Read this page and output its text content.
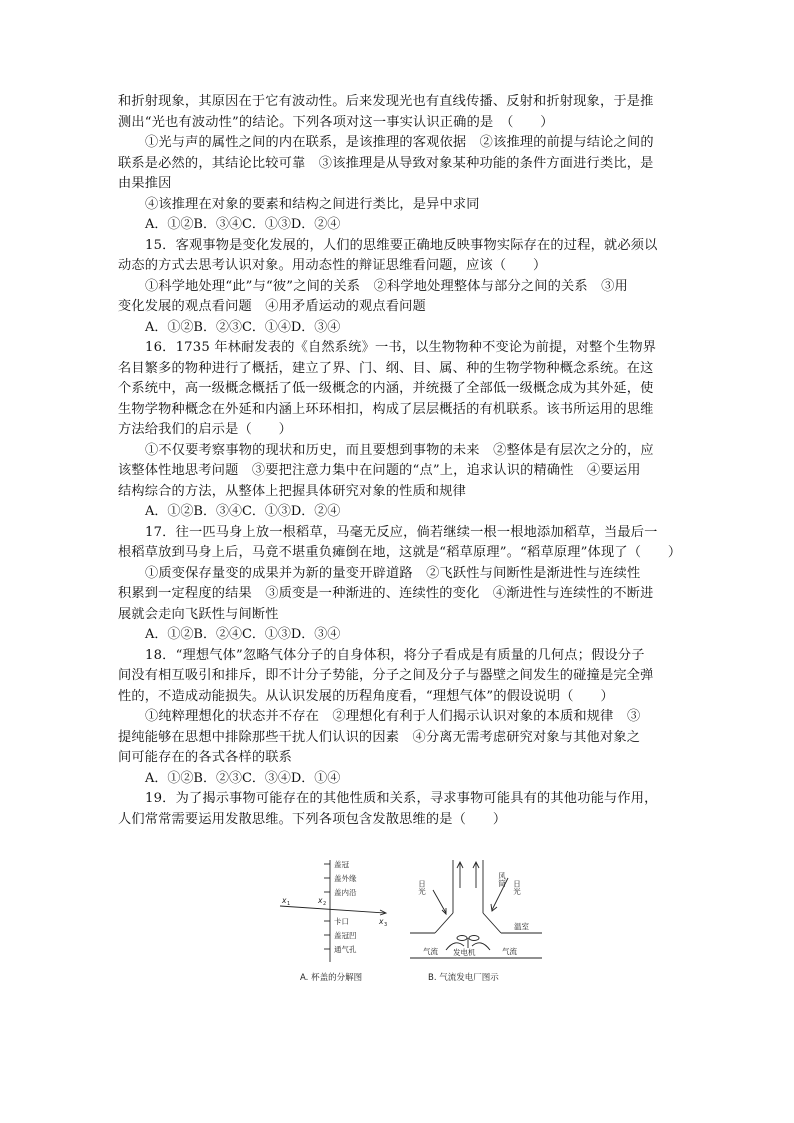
和折射现象，其原因在于它有波动性。后来发现光也有直线传播、反射和折射现象，于是推
测出“光也有波动性”的结论。下列各项对这一事实认识正确的是　（　　）
①光与声的属性之间的内在联系，是该推理的客观依据　②该推理的前提与结论之间的
联系是必然的，其结论比较可靠　③该推理是从导致对象某种功能的条件方面进行类比，是
由果推因
④该推理在对象的要素和结构之间进行类比，是异中求同
A．①②B．③④C．①③D．②④
15．客观事物是变化发展的，人们的思维要正确地反映事物实际存在的过程，就必须以
动态的方式去思考认识对象。用动态性的辩证思维看问题，应该（　　）
①科学地处理“此”与“彼”之间的关系　②科学地处理整体与部分之间的关系　③用
变化发展的观点看问题　④用矛盾运动的观点看问题
A．①②B．②③C．①④D．③④
16．1735 年林耐发表的《自然系统》一书，以生物物种不变论为前提，对整个生物界
名目繁多的物种进行了概括，建立了界、门、纲、目、属、种的生物学物种概念系统。在这
个系统中，高一级概念概括了低一级概念的内涵，并统摄了全部低一级概念成为其外延，使
生物学物种概念在外延和内涵上环环相扣，构成了层层概括的有机联系。该书所运用的思维
方法给我们的启示是（　　）
①不仅要考察事物的现状和历史，而且要想到事物的未来　②整体是有层次之分的，应
该整体性地思考问题　③要把注意力集中在问题的“点”上，追求认识的精确性　④要运用
结构综合的方法，从整体上把握具体研究对象的性质和规律
A．①②B．③④C．①③D．②④
17．往一匹马身上放一根稻草，马毫无反应，倘若继续一根一根地添加稻草，当最后一
根稻草放到马身上后，马竟不堪重负瘫倒在地，这就是“稻草原理”。“稻草原理”体现了（　　）
①质变保存量变的成果并为新的量变开辟道路　②飞跃性与间断性是渐进性与连续性
积累到一定程度的结果　③质变是一种渐进的、连续性的变化　④渐进性与连续性的不断进
展就会走向飞跃性与间断性
A．①②B．②④C．①③D．③④
18．“理想气体”忽略气体分子的自身体积，将分子看成是有质量的几何点；假设分子
间没有相互吸引和排斥，即不计分子势能，分子之间及分子与器壁之间发生的碰撞是完全弹
性的，不造成动能损失。从认识发展的历程角度看，“理想气体”的假设说明（　　）
①纯粹理想化的状态并不存在　②理想化有利于人们揭示认识对象的本质和规律　③
提纯能够在思想中排除那些干扰人们认识的因素　④分离无需考虑研究对象与其他对象之
间可能存在的各式各样的联系
A．①②B．②③C．③④D．①④
19．为了揭示事物可能存在的其他性质和关系，寻求事物可能具有的其他功能与作用，
人们常常需要运用发散思维。下列各项包含发散思维的是（　　）
盖冠
盖外缘
盖内沿
卡口
盖冠凹
通气孔
x 1	x 2
x 3
A. 杯盖的分解图
日光
风筒
日光
温室
气流 发电机	气流
B. 气流发电厂图示
